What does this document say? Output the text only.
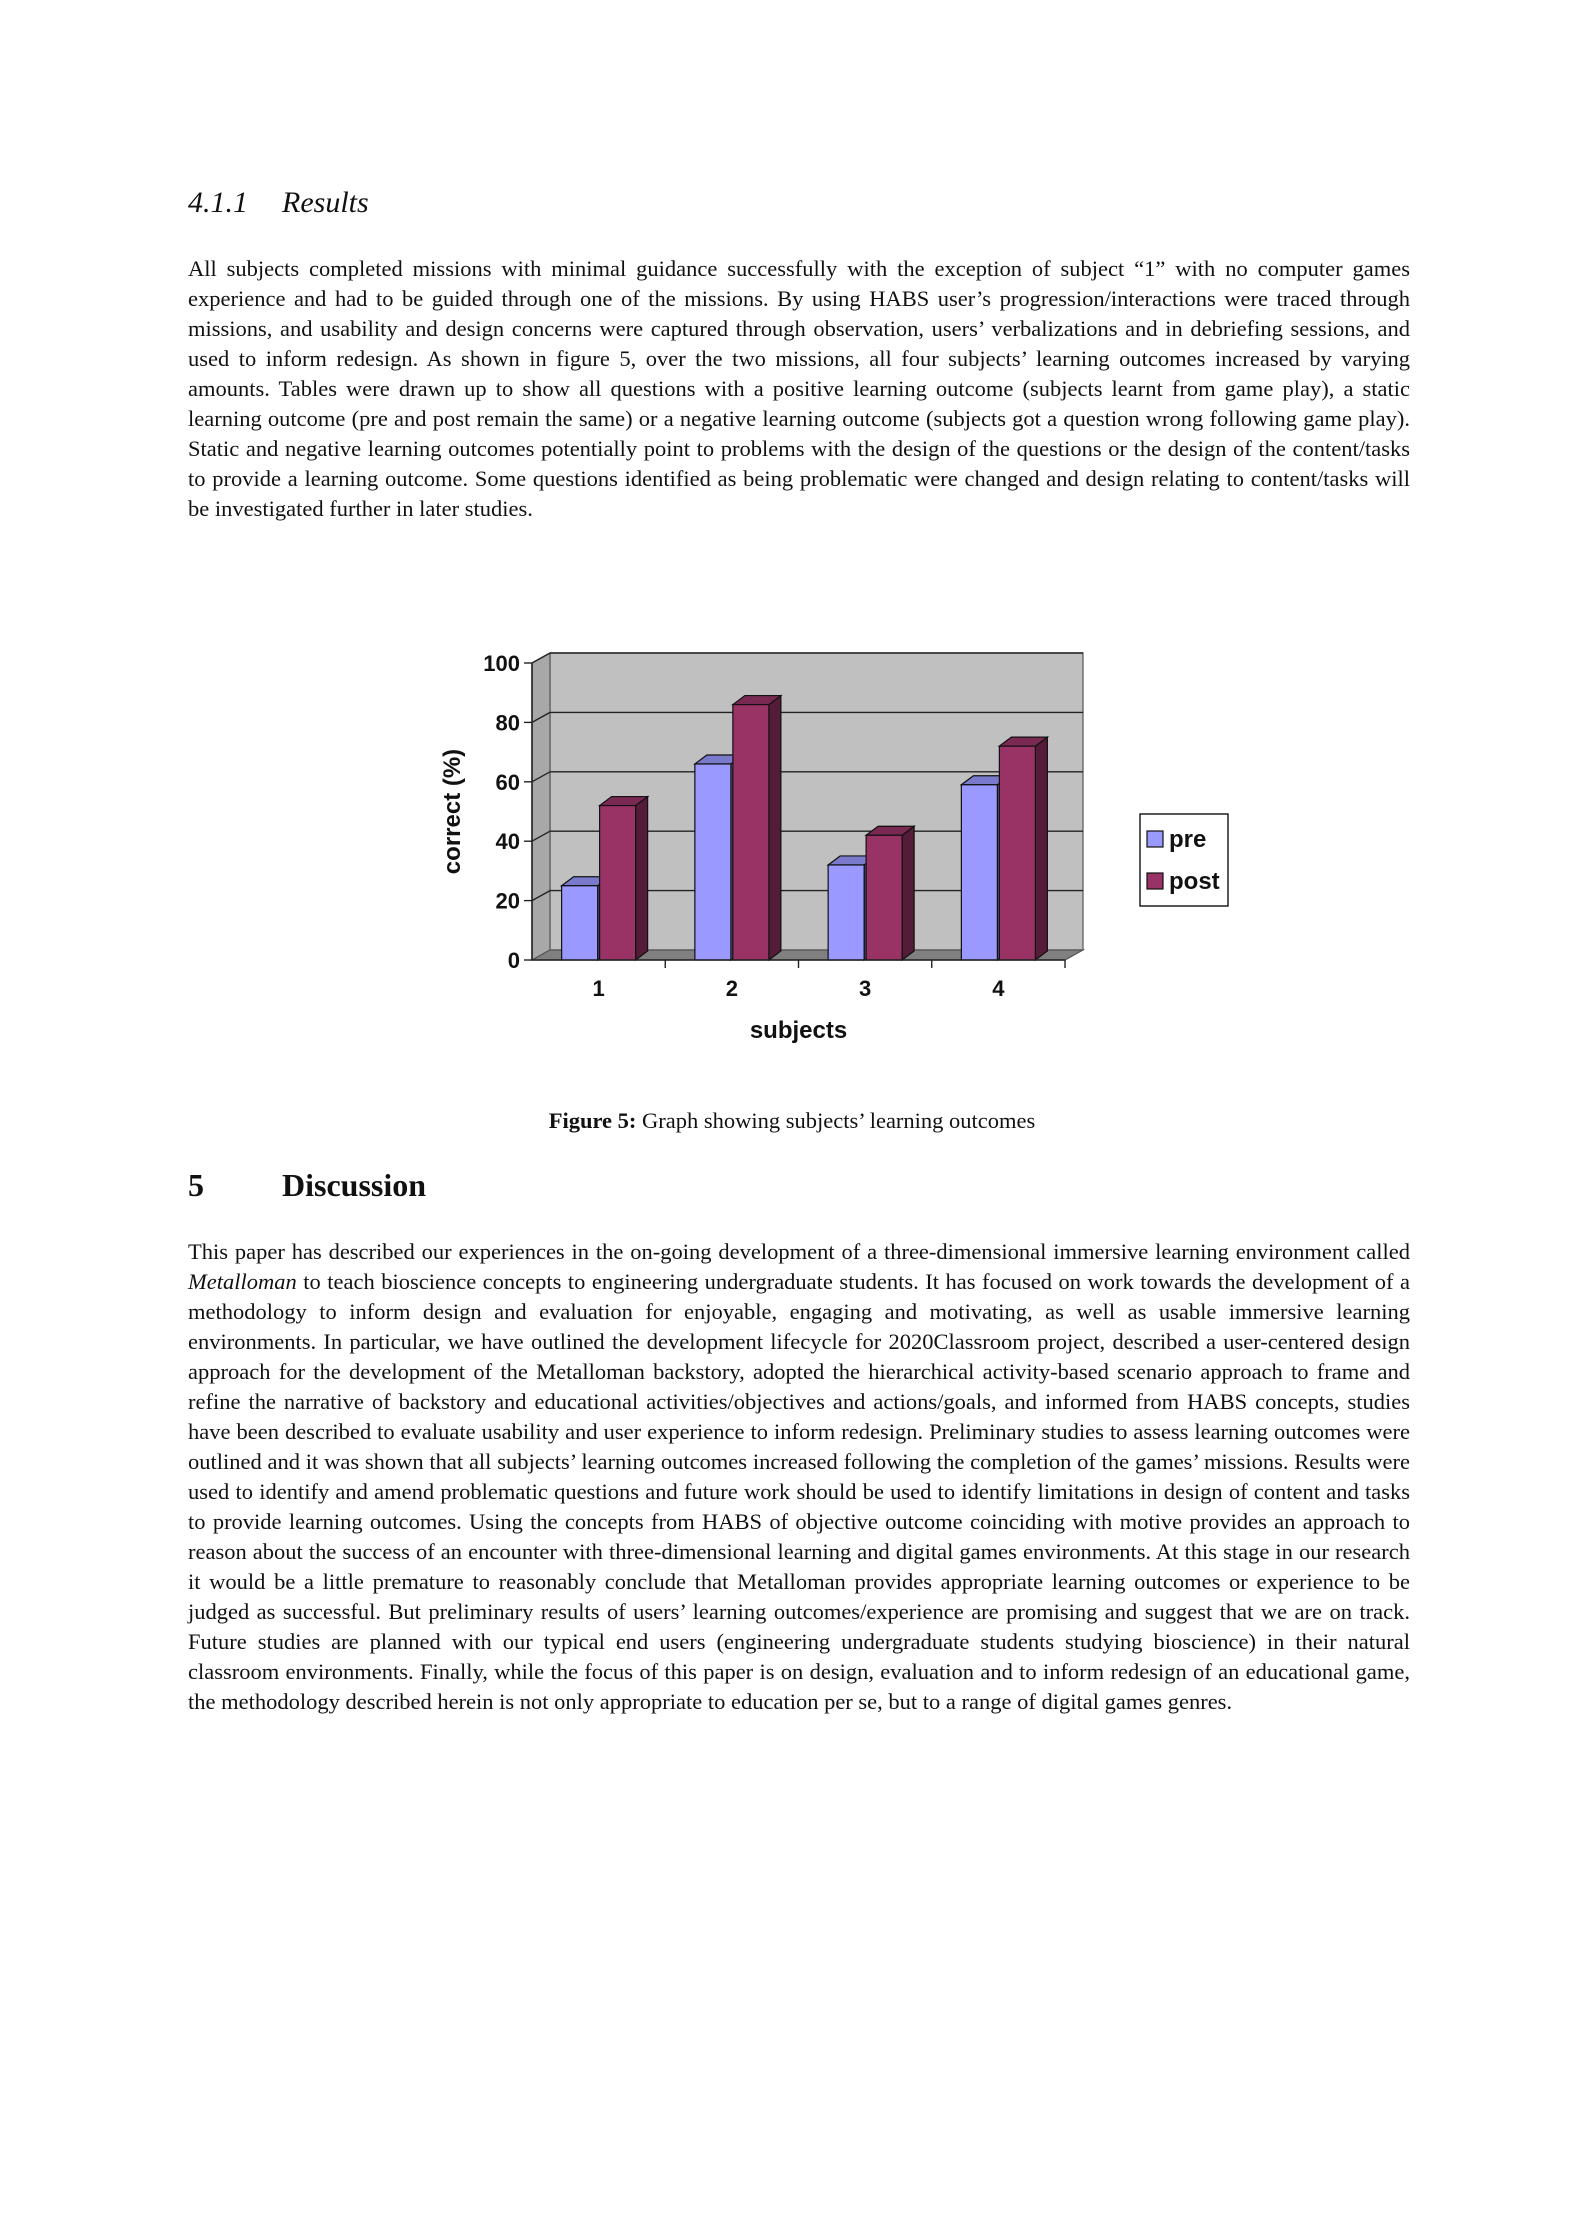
4.1.1 Results

All subjects completed missions with minimal guidance successfully with the exception of subject “1” with no computer games experience and had to be guided through one of the missions. By using HABS user’s progression/interactions were traced through missions, and usability and design concerns were captured through observation, users’ verbalizations and in debriefing sessions, and used to inform redesign. As shown in figure 5, over the two missions, all four subjects’ learning outcomes increased by varying amounts. Tables were drawn up to show all questions with a positive learning outcome (subjects learnt from game play), a static learning outcome (pre and post remain the same) or a negative learning outcome (subjects got a question wrong following game play). Static and negative learning outcomes potentially point to problems with the design of the questions or the design of the content/tasks to provide a learning outcome. Some questions identified as being problematic were changed and design relating to content/tasks will be investigated further in later studies.

0
20
40
60
80
100
1	2	3	4
subjects
correct (%)	pre
post
Figure 5: Graph showing subjects’ learning outcomes
5 Discussion

This paper has described our experiences in the on-going development of a three-dimensional immersive learning environment called Metalloman to teach bioscience concepts to engineering undergraduate students. It has focused on work towards the development of a methodology to inform design and evaluation for enjoyable, engaging and motivating, as well as usable immersive learning environments. In particular, we have outlined the development lifecycle for 2020Classroom project, described a user-centered design approach for the development of the Metalloman backstory, adopted the hierarchical activity-based scenario approach to frame and refine the narrative of backstory and educational activities/objectives and actions/goals, and informed from HABS concepts, studies have been described to evaluate usability and user experience to inform redesign. Preliminary studies to assess learning outcomes were outlined and it was shown that all subjects’ learning outcomes increased following the completion of the games’ missions. Results were used to identify and amend problematic questions and future work should be used to identify limitations in design of content and tasks to provide learning outcomes. Using the concepts from HABS of objective outcome coinciding with motive provides an approach to reason about the success of an encounter with three-dimensional learning and digital games environments. At this stage in our research it would be a little premature to reasonably conclude that Metalloman provides appropriate learning outcomes or experience to be judged as successful. But preliminary results of users’ learning outcomes/experience are promising and suggest that we are on track. Future studies are planned with our typical end users (engineering undergraduate students studying bioscience) in their natural classroom environments. Finally, while the focus of this paper is on design, evaluation and to inform redesign of an educational game, the methodology described herein is not only appropriate to education per se, but to a range of digital games genres.
